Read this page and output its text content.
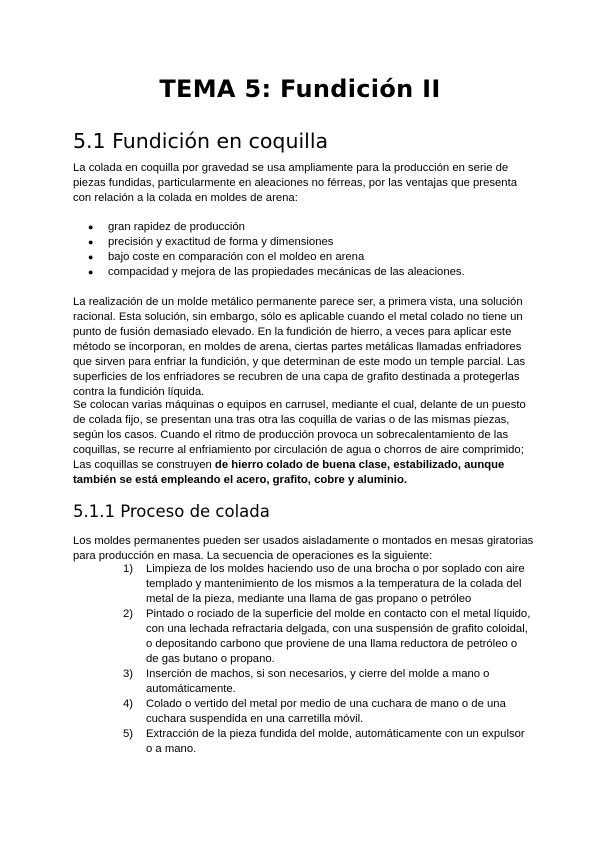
TEMA 5: Fundición II
5.1 Fundición en coquilla

La colada en coquilla por gravedad se usa ampliamente para la producción en serie de piezas fundidas, particularmente en aleaciones no férreas, por las ventajas que presenta con relación a la colada en moldes de arena:

● gran rapidez de producción
● precisión y exactitud de forma y dimensiones
● bajo coste en comparación con el moldeo en arena
● compacidad y mejora de las propiedades mecánicas de las aleaciones.

La realización de un molde metálico permanente parece ser, a primera vista, una solución racional. Esta solución, sin embargo, sólo es aplicable cuando el metal colado no tiene un punto de fusión demasiado elevado. En la fundición de hierro, a veces para aplicar este método se incorporan, en moldes de arena, ciertas partes metálicas llamadas enfriadores que sirven para enfriar la fundición, y que determinan de este modo un temple parcial. Las superficies de los enfriadores se recubren de una capa de grafito destinada a protegerlas contra la fundición líquida.

Se colocan varias máquinas o equipos en carrusel, mediante el cual, delante de un puesto de colada fijo, se presentan una tras otra las coquilla de varias o de las mismas piezas, según los casos. Cuando el ritmo de producción provoca un sobrecalentamiento de las coquillas, se recurre al enfriamiento por circulación de agua o chorros de aire comprimido; Las coquillas se construyen de hierro colado de buena clase, estabilizado, aunque también se está empleando el acero, grafito, cobre y aluminio.

5.1.1 Proceso de colada

Los moldes permanentes pueden ser usados aisladamente o montados en mesas giratorias para producción en masa. La secuencia de operaciones es la siguiente:

1) Limpieza de los moldes haciendo uso de una brocha o por soplado con aire templado y mantenimiento de los mismos a la temperatura de la colada del metal de la pieza, mediante una llama de gas propano o petróleo
2) Pintado o rociado de la superficie del molde en contacto con el metal líquido, con una lechada refractaria delgada, con una suspensión de grafito coloidal, o depositando carbono que proviene de una llama reductora de petróleo o de gas butano o propano.
3) Inserción de machos, si son necesarios, y cierre del molde a mano o automáticamente.
4) Colado o vertido del metal por medio de una cuchara de mano o de una cuchara suspendida en una carretilla móvil.
5) Extracción de la pieza fundida del molde, automáticamente con un expulsor o a mano.
